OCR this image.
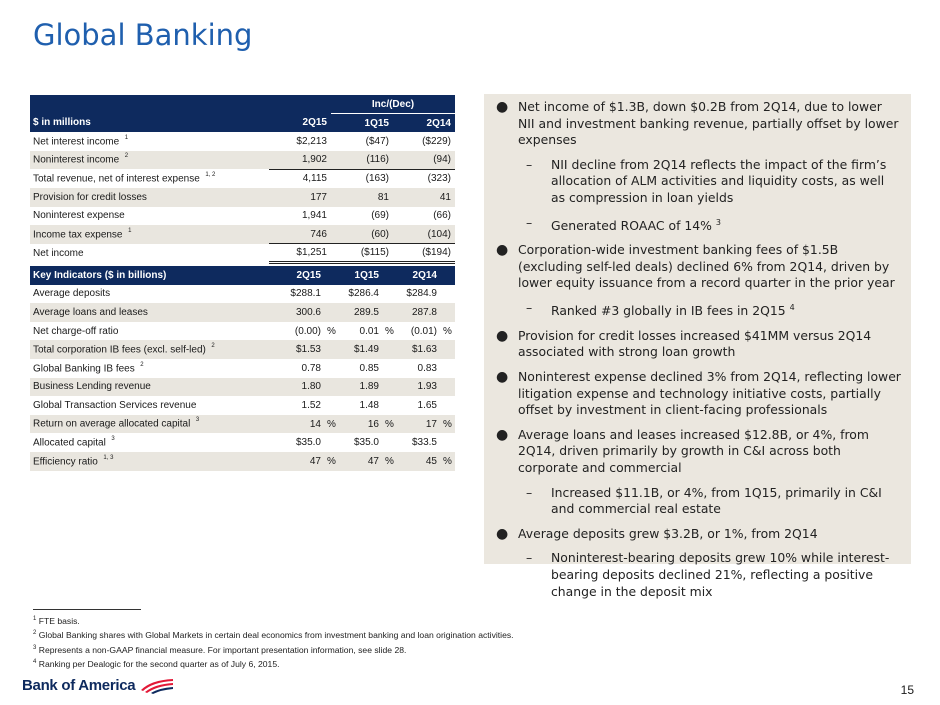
Global Banking
		Inc/(Dec)	
$ in millions	2Q15	1Q15	2Q14
Net interest income $^1$	$2,213	($47)	($229)
Noninterest income $^2$	1,902	(116)	(94)
Total revenue, net of interest expense $^{1, 2}$	4,115	(163)	(323)
Provision for credit losses	177	81	41
Noninterest expense	1,941	(69)	(66)
Income tax expense $^1$	746	(60)	(104)
Net income	$1,251	($115)	($194)
Key Indicators ($ in billions)	2Q15		1Q15		2Q14	
Average deposits	$288.1		$286.4		$284.9	
Average loans and leases	300.6		289.5		287.8	
Net charge-off ratio	(0.00)	%	0.01	%	(0.01)	%
Total corporation IB fees (excl. self-led) $^2$	$1.53		$1.49		$1.63	
Global Banking IB fees $^2$	0.78		0.85		0.83	
Business Lending revenue	1.80		1.89		1.93	
Global Transaction Services revenue	1.52		1.48		1.65	
Return on average allocated capital $^3$	14	%	16	%	17	%
Allocated capital $^3$	$35.0		$35.0		$33.5	
Efficiency ratio $^{1, 3}$	47	%	47	%	45	%
● Net income of $1.3B, down $0.2B from 2Q14, due to lower NII and investment banking revenue, partially offset by lower expenses
– NII decline from 2Q14 reflects the impact of the firm’s allocation of ALM activities and liquidity costs, as well as compression in loan yields
– Generated ROAAC of 14% $^3$
● Corporation-wide investment banking fees of $1.5B (excluding self-led deals) declined 6% from 2Q14, driven by lower equity issuance from a record quarter in the prior year
– Ranked #3 globally in IB fees in 2Q15 $^4$
● Provision for credit losses increased $41MM versus 2Q14 associated with strong loan growth
● Noninterest expense declined 3% from 2Q14, reflecting lower litigation expense and technology initiative costs, partially offset by investment in client-facing professionals
● Average loans and leases increased $12.8B, or 4%, from 2Q14, driven primarily by growth in C&I across both corporate and commercial
– Increased $11.1B, or 4%, from 1Q15, primarily in C&I and commercial real estate
● Average deposits grew $3.2B, or 1%, from 2Q14
– Noninterest-bearing deposits grew 10% while interest-bearing deposits declined 21%, reflecting a positive change in the deposit mix
$^1$ FTE basis.
$^2$ Global Banking shares with Global Markets in certain deal economics from investment banking and loan origination activities.
$^3$ Represents a non-GAAP financial measure. For important presentation information, see slide 28.
$^4$ Ranking per Dealogic for the second quarter as of July 6, 2015.
Bank of America	15
